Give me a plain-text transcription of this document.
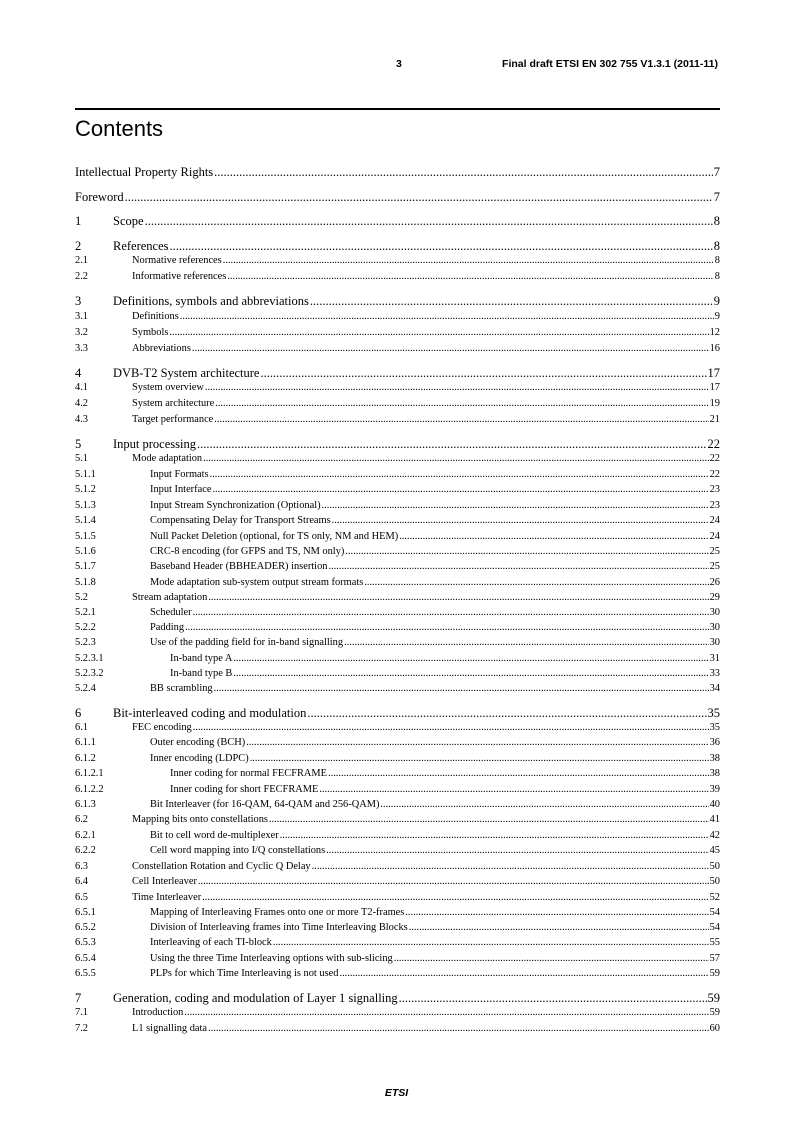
3	Final draft ETSI EN 302 755 V1.3.1 (2011-11)
Contents
Intellectual Property Rights .....	7
Foreword .....	7
1	Scope .....	8
2	References .....	8
2.1	Normative references .....	8
2.2	Informative references .....	8
3	Definitions, symbols and abbreviations .....	9
3.1	Definitions .....	9
3.2	Symbols .....	12
3.3	Abbreviations .....	16
4	DVB-T2 System architecture .....	17
4.1	System overview .....	17
4.2	System architecture .....	19
4.3	Target performance .....	21
5	Input processing .....	22
5.1	Mode adaptation .....	22
5.1.1	Input Formats .....	22
5.1.2	Input Interface .....	23
5.1.3	Input Stream Synchronization (Optional) .....	23
5.1.4	Compensating Delay for Transport Streams .....	24
5.1.5	Null Packet Deletion (optional, for TS only, NM and HEM) .....	24
5.1.6	CRC-8 encoding (for GFPS and TS, NM only) .....	25
5.1.7	Baseband Header (BBHEADER) insertion .....	25
5.1.8	Mode adaptation sub-system output stream formats .....	26
5.2	Stream adaptation .....	29
5.2.1	Scheduler .....	30
5.2.2	Padding .....	30
5.2.3	Use of the padding field for in-band signalling .....	30
5.2.3.1	In-band type A .....	31
5.2.3.2	In-band type B .....	33
5.2.4	BB scrambling .....	34
6	Bit-interleaved coding and modulation .....	35
6.1	FEC encoding .....	35
6.1.1	Outer encoding (BCH) .....	36
6.1.2	Inner encoding (LDPC) .....	38
6.1.2.1	Inner coding for normal FECFRAME .....	38
6.1.2.2	Inner coding for short FECFRAME .....	39
6.1.3	Bit Interleaver (for 16-QAM, 64-QAM and 256-QAM) .....	40
6.2	Mapping bits onto constellations .....	41
6.2.1	Bit to cell word de-multiplexer .....	42
6.2.2	Cell word mapping into I/Q constellations .....	45
6.3	Constellation Rotation and Cyclic Q Delay .....	50
6.4	Cell Interleaver .....	50
6.5	Time Interleaver .....	52
6.5.1	Mapping of Interleaving Frames onto one or more T2-frames .....	54
6.5.2	Division of Interleaving frames into Time Interleaving Blocks .....	54
6.5.3	Interleaving of each TI-block .....	55
6.5.4	Using the three Time Interleaving options with sub-slicing .....	57
6.5.5	PLPs for which Time Interleaving is not used .....	59
7	Generation, coding and modulation of Layer 1 signalling .....	59
7.1	Introduction .....	59
7.2	L1 signalling data .....	60
ETSI
